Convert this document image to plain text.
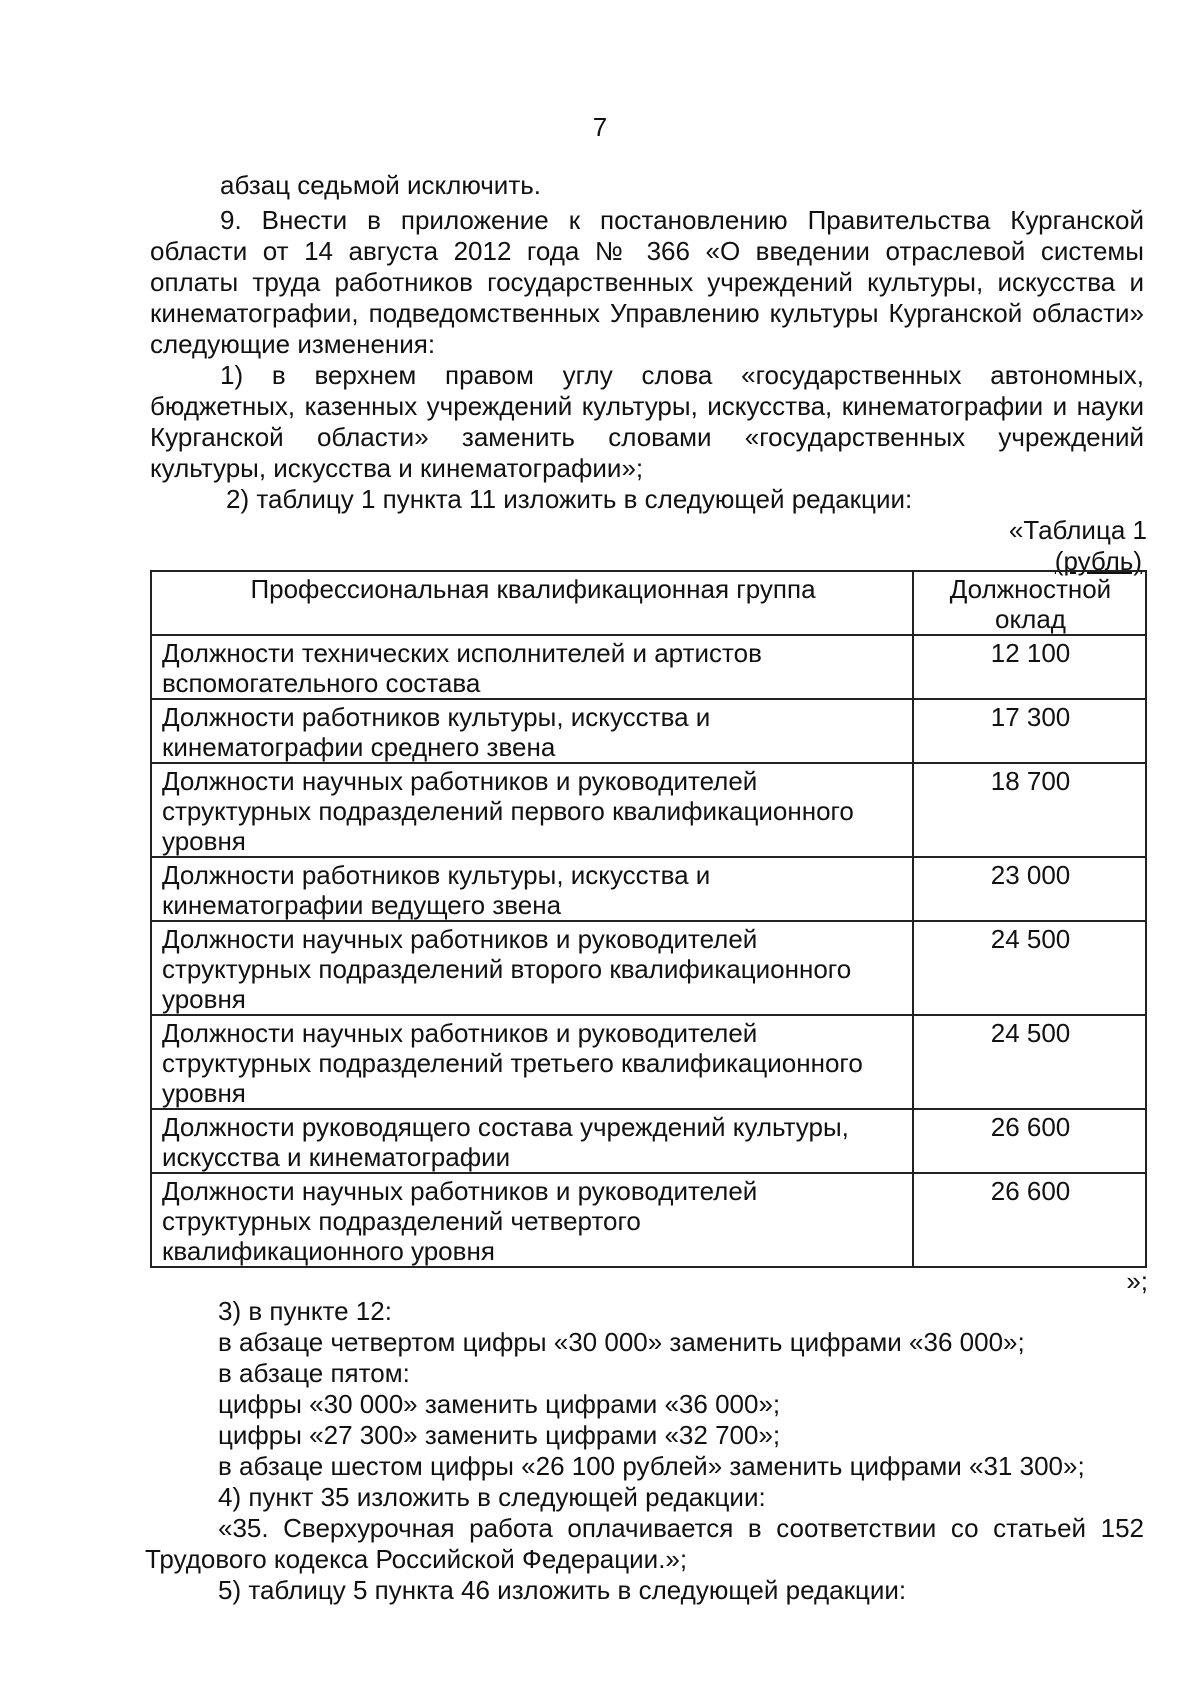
7
абзац седьмой исключить.
9. Внести в приложение к постановлению Правительства Курганской
области от 14 августа 2012 года № 366 «О введении отраслевой системы
оплаты труда работников государственных учреждений культуры, искусства и
кинематографии, подведомственных Управлению культуры Курганской области»
следующие изменения:
1) в верхнем правом углу слова «государственных автономных,
бюджетных, казенных учреждений культуры, искусства, кинематографии и науки
Курганской области» заменить словами «государственных учреждений
культуры, искусства и кинематографии»;
2) таблицу 1 пункта 11 изложить в следующей редакции:
«Таблица 1
(рубль)
Профессиональная квалификационная группа	Должностной
оклад

Должности технических исполнителей и артистов
вспомогательного состава	12 100

Должности работников культуры, искусства и
кинематографии среднего звена	17 300

Должности научных работников и руководителей
структурных подразделений первого квалификационного
уровня	18 700

Должности работников культуры, искусства и
кинематографии ведущего звена	23 000

Должности научных работников и руководителей
структурных подразделений второго квалификационного
уровня	24 500

Должности научных работников и руководителей
структурных подразделений третьего квалификационного
уровня	24 500

Должности руководящего состава учреждений культуры,
искусства и кинематографии	26 600

Должности научных работников и руководителей
структурных подразделений четвертого
квалификационного уровня	26 600
»;
3) в пункте 12:
в абзаце четвертом цифры «30 000» заменить цифрами «36 000»;
в абзаце пятом:
цифры «30 000» заменить цифрами «36 000»;
цифры «27 300» заменить цифрами «32 700»;
в абзаце шестом цифры «26 100 рублей» заменить цифрами «31 300»;
4) пункт 35 изложить в следующей редакции:
«35. Сверхурочная работа оплачивается в соответствии со статьей 152
Трудового кодекса Российской Федерации.»;
5) таблицу 5 пункта 46 изложить в следующей редакции:
